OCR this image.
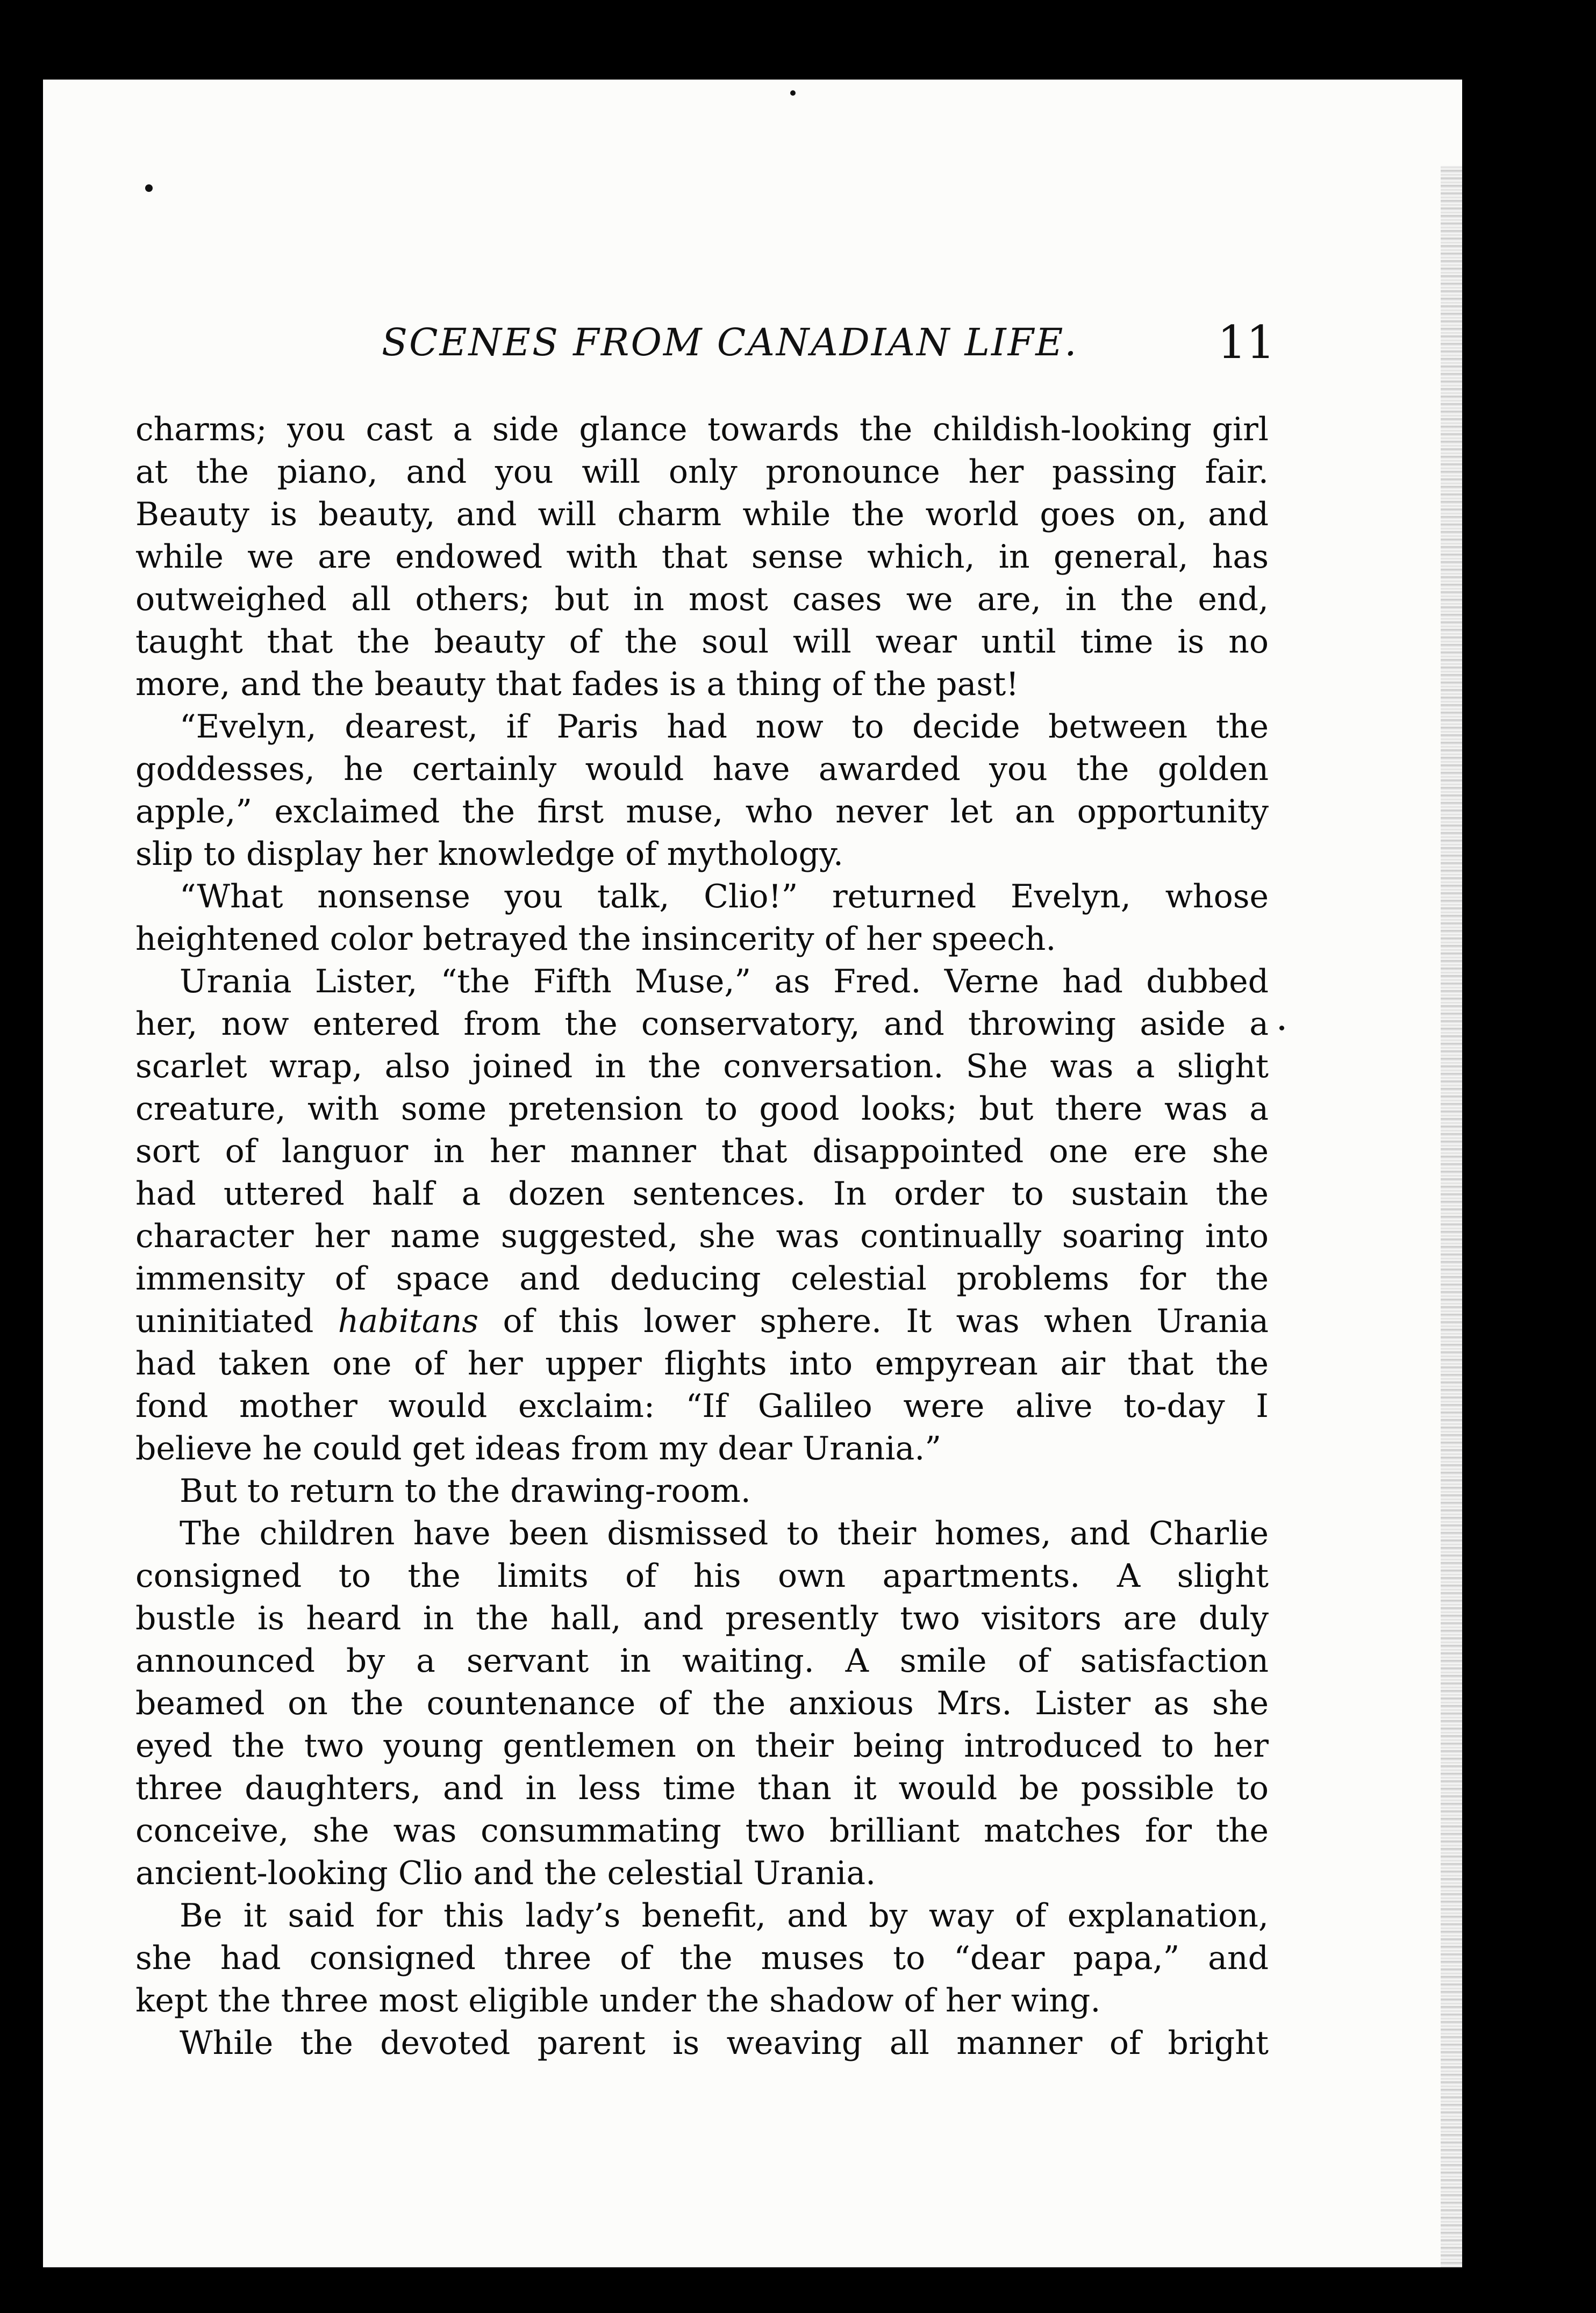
SCENES FROM CANADIAN LIFE.	11
charms; you cast a side glance towards the childish-looking girl
at the piano, and you will only pronounce her passing fair.
Beauty is beauty, and will charm while the world goes on, and
while we are endowed with that sense which, in general, has
outweighed all others; but in most cases we are, in the end,
taught that the beauty of the soul will wear until time is no
more, and the beauty that fades is a thing of the past!
“Evelyn, dearest, if Paris had now to decide between the
goddesses, he certainly would have awarded you the golden
apple,” exclaimed the first muse, who never let an opportunity
slip to display her knowledge of mythology.
“What nonsense you talk, Clio!” returned Evelyn, whose
heightened color betrayed the insincerity of her speech.
Urania Lister, “the Fifth Muse,” as Fred. Verne had dubbed
her, now entered from the conservatory, and throwing aside a
scarlet wrap, also joined in the conversation. She was a slight
creature, with some pretension to good looks; but there was a
sort of languor in her manner that disappointed one ere she
had uttered half a dozen sentences. In order to sustain the
character her name suggested, she was continually soaring into
immensity of space and deducing celestial problems for the
uninitiated habitans of this lower sphere. It was when Urania
had taken one of her upper flights into empyrean air that the
fond mother would exclaim: “If Galileo were alive to-day I
believe he could get ideas from my dear Urania.”
But to return to the drawing-room.
The children have been dismissed to their homes, and Charlie
consigned to the limits of his own apartments. A slight
bustle is heard in the hall, and presently two visitors are duly
announced by a servant in waiting. A smile of satisfaction
beamed on the countenance of the anxious Mrs. Lister as she
eyed the two young gentlemen on their being introduced to her
three daughters, and in less time than it would be possible to
conceive, she was consummating two brilliant matches for the
ancient-looking Clio and the celestial Urania.
Be it said for this lady’s benefit, and by way of explanation,
she had consigned three of the muses to “dear papa,” and
kept the three most eligible under the shadow of her wing.
While the devoted parent is weaving all manner of bright
